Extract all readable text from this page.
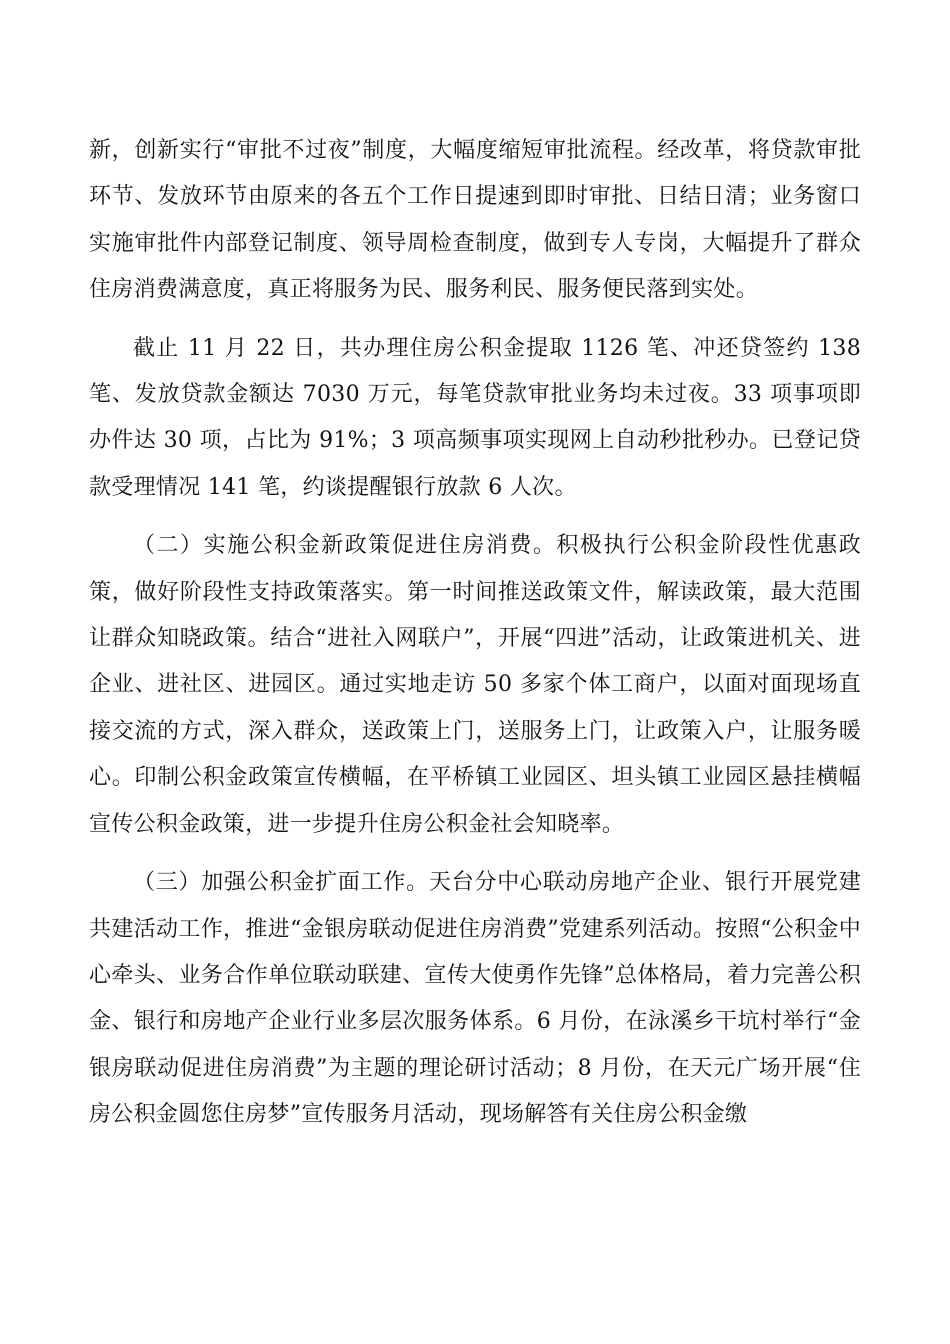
新，创新实行“审批不过夜”制度，大幅度缩短审批流程。经改革，将贷款审批环节、发放环节由原来的各五个工作日提速到即时审批、日结日清；业务窗口实施审批件内部登记制度、领导周检查制度，做到专人专岗，大幅提升了群众住房消费满意度，真正将服务为民、服务利民、服务便民落到实处。

截止 11 月 22 日，共办理住房公积金提取 1126 笔、冲还贷签约 138 笔、发放贷款金额达 7030 万元，每笔贷款审批业务均未过夜。33 项事项即办件达 30 项，占比为 91%；3 项高频事项实现网上自动秒批秒办。已登记贷款受理情况 141 笔，约谈提醒银行放款 6 人次。

（二）实施公积金新政策促进住房消费。积极执行公积金阶段性优惠政策，做好阶段性支持政策落实。第一时间推送政策文件，解读政策，最大范围让群众知晓政策。结合“进社入网联户”，开展“四进”活动，让政策进机关、进企业、进社区、进园区。通过实地走访 50 多家个体工商户，以面对面现场直接交流的方式，深入群众，送政策上门，送服务上门，让政策入户，让服务暖心。印制公积金政策宣传横幅，在平桥镇工业园区、坦头镇工业园区悬挂横幅宣传公积金政策，进一步提升住房公积金社会知晓率。

（三）加强公积金扩面工作。天台分中心联动房地产企业、银行开展党建共建活动工作，推进“金银房联动促进住房消费”党建系列活动。按照“公积金中心牵头、业务合作单位联动联建、宣传大使勇作先锋”总体格局，着力完善公积金、银行和房地产企业行业多层次服务体系。6 月份，在泳溪乡干坑村举行“金银房联动促进住房消费”为主题的理论研讨活动；8 月份，在天元广场开展“住房公积金圆您住房梦”宣传服务月活动，现场解答有关住房公积金缴
